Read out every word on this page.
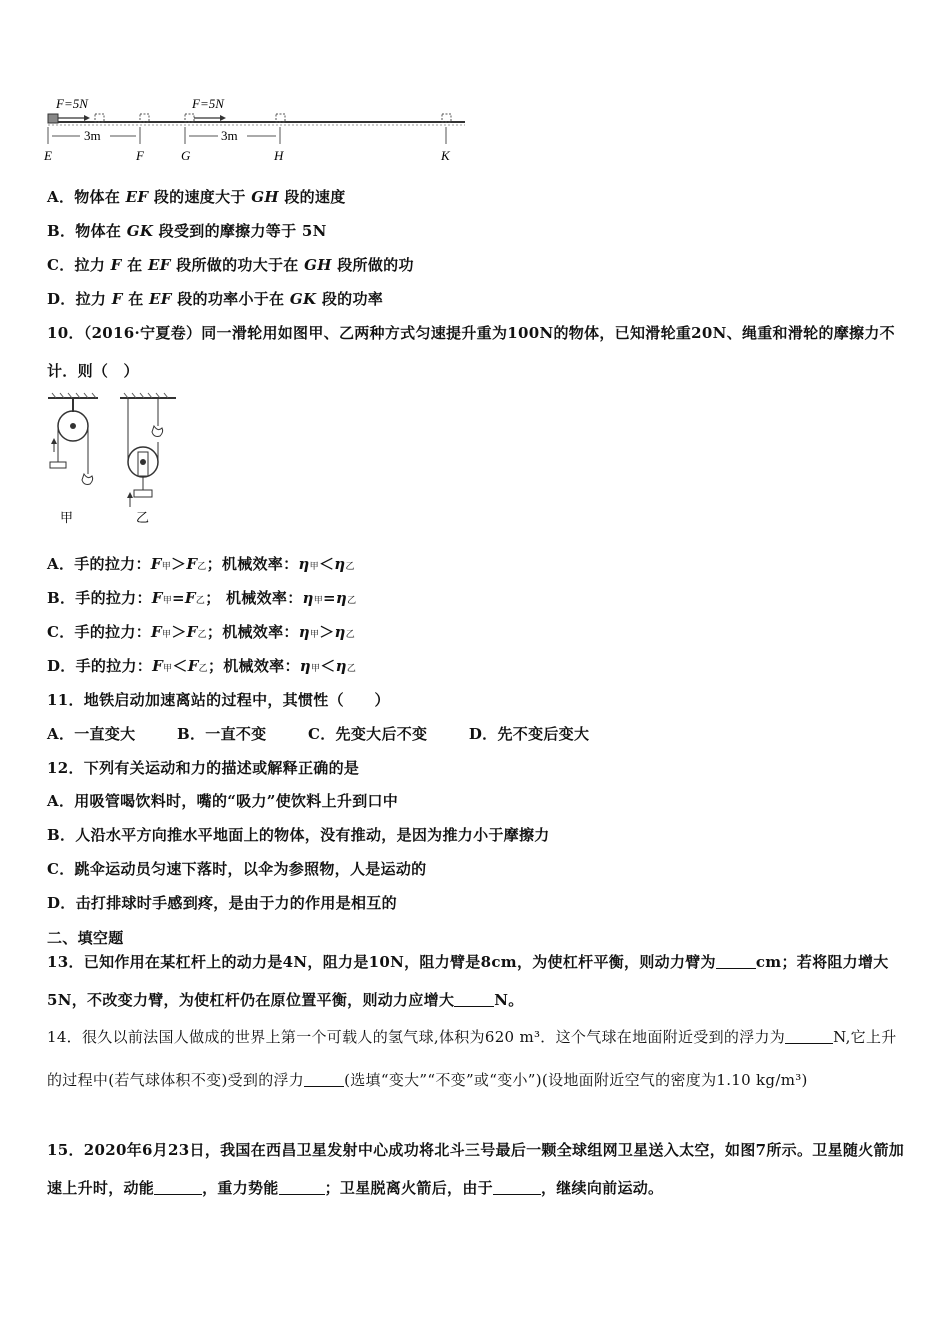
F=5N	F=5N
3m	3m
E	F	G	H	K
A．物体在 EF 段的速度大于 GH 段的速度
B．物体在 GK 段受到的摩擦力等于 5N
C．拉力 F 在 EF 段所做的功大于在 GH 段所做的功
D．拉力 F 在 EF 段的功率小于在 GK 段的功率
10．（2016·宁夏卷）同一滑轮用如图甲、乙两种方式匀速提升重为100N的物体，已知滑轮重20N、绳重和滑轮的摩擦力不计．则（　）
甲	乙
A．手的拉力：F甲＞F乙；机械效率：η甲＜η乙
B．手的拉力：F甲=F乙； 机械效率：η甲=η乙
C．手的拉力：F甲＞F乙；机械效率：η甲＞η乙
D．手的拉力：F甲＜F乙；机械效率：η甲＜η乙
11．地铁启动加速离站的过程中，其惯性（　　）
A．一直变大	B．一直不变	C．先变大后不变	D．先不变后变大
12．下列有关运动和力的描述或解释正确的是
A．用吸管喝饮料时，嘴的“吸力”使饮料上升到口中
B．人沿水平方向推水平地面上的物体，没有推动，是因为推力小于摩擦力
C．跳伞运动员匀速下落时，以伞为参照物，人是运动的
D．击打排球时手感到疼，是由于力的作用是相互的
二、填空题
13．已知作用在某杠杆上的动力是4N，阻力是10N，阻力臂是8cm，为使杠杆平衡，则动力臂为	cm；若将阻力增大5N，不改变力臂，为使杠杆仍在原位置平衡，则动力应增大	N。
14．很久以前法国人做成的世界上第一个可载人的氢气球,体积为620 m³．这个气球在地面附近受到的浮力为	N,它上升的过程中(若气球体积不变)受到的浮力	(选填“变大”“不变”或“变小”)(设地面附近空气的密度为1.10 kg/m³)
15．2020年6月23日，我国在西昌卫星发射中心成功将北斗三号最后一颗全球组网卫星送入太空，如图7所示。卫星随火箭加速上升时，动能	，重力势能	；卫星脱离火箭后，由于	，继续向前运动。
